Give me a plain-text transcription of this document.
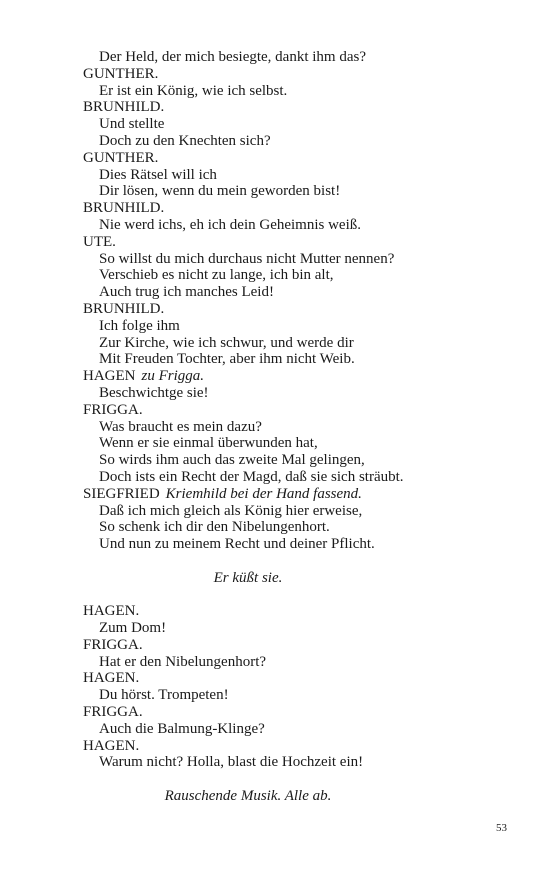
Der Held, der mich besiegte, dankt ihm das?
GUNTHER.
Er ist ein König, wie ich selbst.
BRUNHILD.
Und stellte
Doch zu den Knechten sich?
GUNTHER.
Dies Rätsel will ich
Dir lösen, wenn du mein geworden bist!
BRUNHILD.
Nie werd ichs, eh ich dein Geheimnis weiß.
UTE.
So willst du mich durchaus nicht Mutter nennen?
Verschieb es nicht zu lange, ich bin alt,
Auch trug ich manches Leid!
BRUNHILD.
Ich folge ihm
Zur Kirche, wie ich schwur, und werde dir
Mit Freuden Tochter, aber ihm nicht Weib.
HAGEN zu Frigga.
Beschwichtge sie!
FRIGGA.
Was braucht es mein dazu?
Wenn er sie einmal überwunden hat,
So wirds ihm auch das zweite Mal gelingen,
Doch ists ein Recht der Magd, daß sie sich sträubt.
SIEGFRIED Kriemhild bei der Hand fassend.
Daß ich mich gleich als König hier erweise,
So schenk ich dir den Nibelungenhort.
Und nun zu meinem Recht und deiner Pflicht.
Er küßt sie.
HAGEN.
Zum Dom!
FRIGGA.
Hat er den Nibelungenhort?
HAGEN.
Du hörst. Trompeten!
FRIGGA.
Auch die Balmung-Klinge?
HAGEN.
Warum nicht? Holla, blast die Hochzeit ein!
Rauschende Musik. Alle ab.
53
